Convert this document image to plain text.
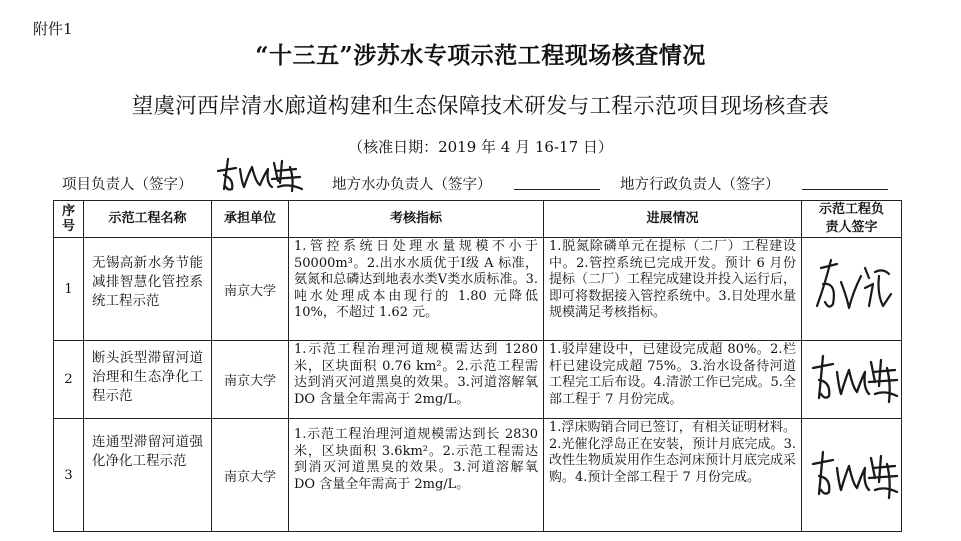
附件1
“十三五”涉苏水专项示范工程现场核查情况
望虞河西岸清水廊道构建和生态保障技术研发与工程示范项目现场核查表
（核准日期：2019 年 4 月 16-17 日）
项目负责人（签字）	地方水办负责人（签字）	地方行政负责人（签字）
序号	示范工程名称	承担单位	考核指标	进展情况	示范工程负责人签字
1	无锡高新水务节能减排智慧化管控系统工程示范	南京大学	1.管控系统日处理水量规模不小于 50000m³。2.出水水质优于Ⅰ级 A 标准，氨氮和总磷达到地表水类Ⅴ类水质标准。3.吨水处理成本由现行的 1.80 元降低 10%，不超过 1.62 元。	1.脱氮除磷单元在提标（二厂）工程建设中。2.管控系统已完成开发。预计 6 月份提标（二厂）工程完成建设并投入运行后，即可将数据接入管控系统中。3.日处理水量规模满足考核指标。	

2	断头浜型滞留河道治理和生态净化工程示范	南京大学	1.示范工程治理河道规模需达到 1280 米，区块面积 0.76 km²。2.示范工程需达到消灭河道黑臭的效果。3.河道溶解氧 DO 含量全年需高于 2mg/L。	1.驳岸建设中，已建设完成超 80%。2.栏杆已建设完成超 75%。3.治水设备待河道工程完工后布设。4.清淤工作已完成。5.全部工程于 7 月份完成。	

3	连通型滞留河道强化净化工程示范	南京大学	1.示范工程治理河道规模需达到长 2830 米，区块面积 3.6km²。2.示范工程需达到消灭河道黑臭的效果。3.河道溶解氧 DO 含量全年需高于 2mg/L。	1.浮床购销合同已签订，有相关证明材料。2.光催化浮岛正在安装，预计月底完成。3.改性生物质炭用作生态河床预计月底完成采购。4.预计全部工程于 7 月份完成。	
